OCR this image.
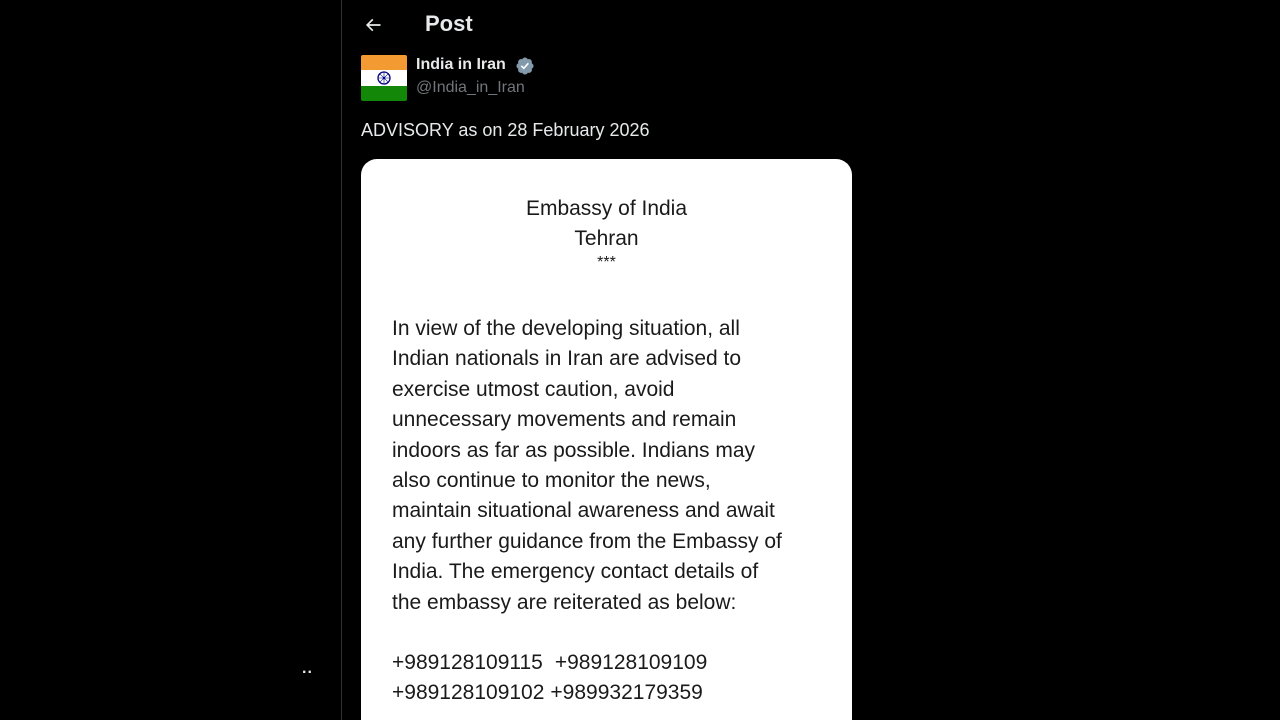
..
Post
India in Iran
@India_in_Iran
ADVISORY as on 28 February 2026
Embassy of India
Tehran
***
In view of the developing situation, all
Indian nationals in Iran are advised to
exercise utmost caution, avoid
unnecessary movements and remain
indoors as far as possible. Indians may
also continue to monitor the news,
maintain situational awareness and await
any further guidance from the Embassy of
India. The emergency contact details of
the embassy are reiterated as below:
+989128109115 +989128109109
+989128109102 +989932179359
